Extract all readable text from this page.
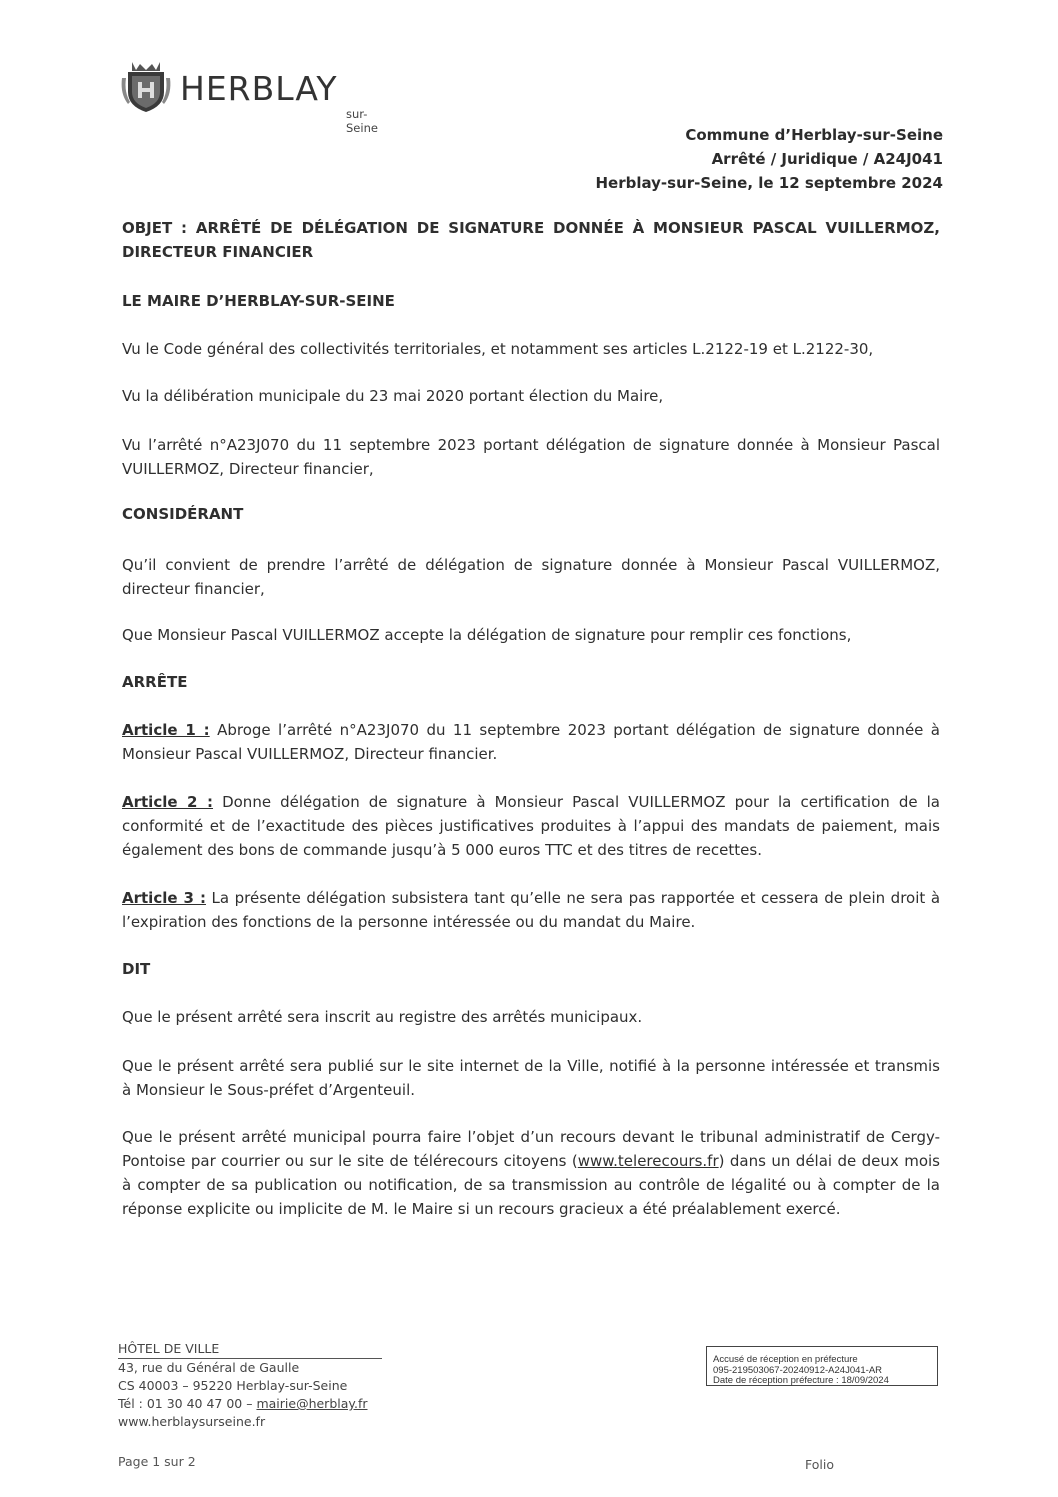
HERBLAY
sur-Seine	Commune d’Herblay-sur-Seine
Arrêté / Juridique / A24J041
Herblay-sur-Seine, le 12 septembre 2024
OBJET : ARRÊTÉ DE DÉLÉGATION DE SIGNATURE DONNÉE À MONSIEUR PASCAL VUILLERMOZ, DIRECTEUR FINANCIER
LE MAIRE D’HERBLAY-SUR-SEINE
Vu le Code général des collectivités territoriales, et notamment ses articles L.2122-19 et L.2122-30,
Vu la délibération municipale du 23 mai 2020 portant élection du Maire,
Vu l’arrêté n°A23J070 du 11 septembre 2023 portant délégation de signature donnée à Monsieur Pascal VUILLERMOZ, Directeur financier,
CONSIDÉRANT
Qu’il convient de prendre l’arrêté de délégation de signature donnée à Monsieur Pascal VUILLERMOZ, directeur financier,
Que Monsieur Pascal VUILLERMOZ accepte la délégation de signature pour remplir ces fonctions,
ARRÊTE
Article 1 : Abroge l’arrêté n°A23J070 du 11 septembre 2023 portant délégation de signature donnée à Monsieur Pascal VUILLERMOZ, Directeur financier.
Article 2 : Donne délégation de signature à Monsieur Pascal VUILLERMOZ pour la certification de la conformité et de l’exactitude des pièces justificatives produites à l’appui des mandats de paiement, mais également des bons de commande jusqu’à 5 000 euros TTC et des titres de recettes.
Article 3 : La présente délégation subsistera tant qu’elle ne sera pas rapportée et cessera de plein droit à l’expiration des fonctions de la personne intéressée ou du mandat du Maire.
DIT
Que le présent arrêté sera inscrit au registre des arrêtés municipaux.
Que le présent arrêté sera publié sur le site internet de la Ville, notifié à la personne intéressée et transmis à Monsieur le Sous-préfet d’Argenteuil.
Que le présent arrêté municipal pourra faire l’objet d’un recours devant le tribunal administratif de Cergy-Pontoise par courrier ou sur le site de télérecours citoyens (www.telerecours.fr) dans un délai de deux mois à compter de sa publication ou notification, de sa transmission au contrôle de légalité ou à compter de la réponse explicite ou implicite de M. le Maire si un recours gracieux a été préalablement exercé.
HÔTEL DE VILLE
43, rue du Général de Gaulle
CS 40003 – 95220 Herblay-sur-Seine
Tél : 01 30 40 47 00 – mairie@herblay.fr
www.herblaysurseine.fr
Accusé de réception en préfecture
095-219503067-20240912-A24J041-AR
Date de réception préfecture : 18/09/2024
Page 1 sur 2	Folio
